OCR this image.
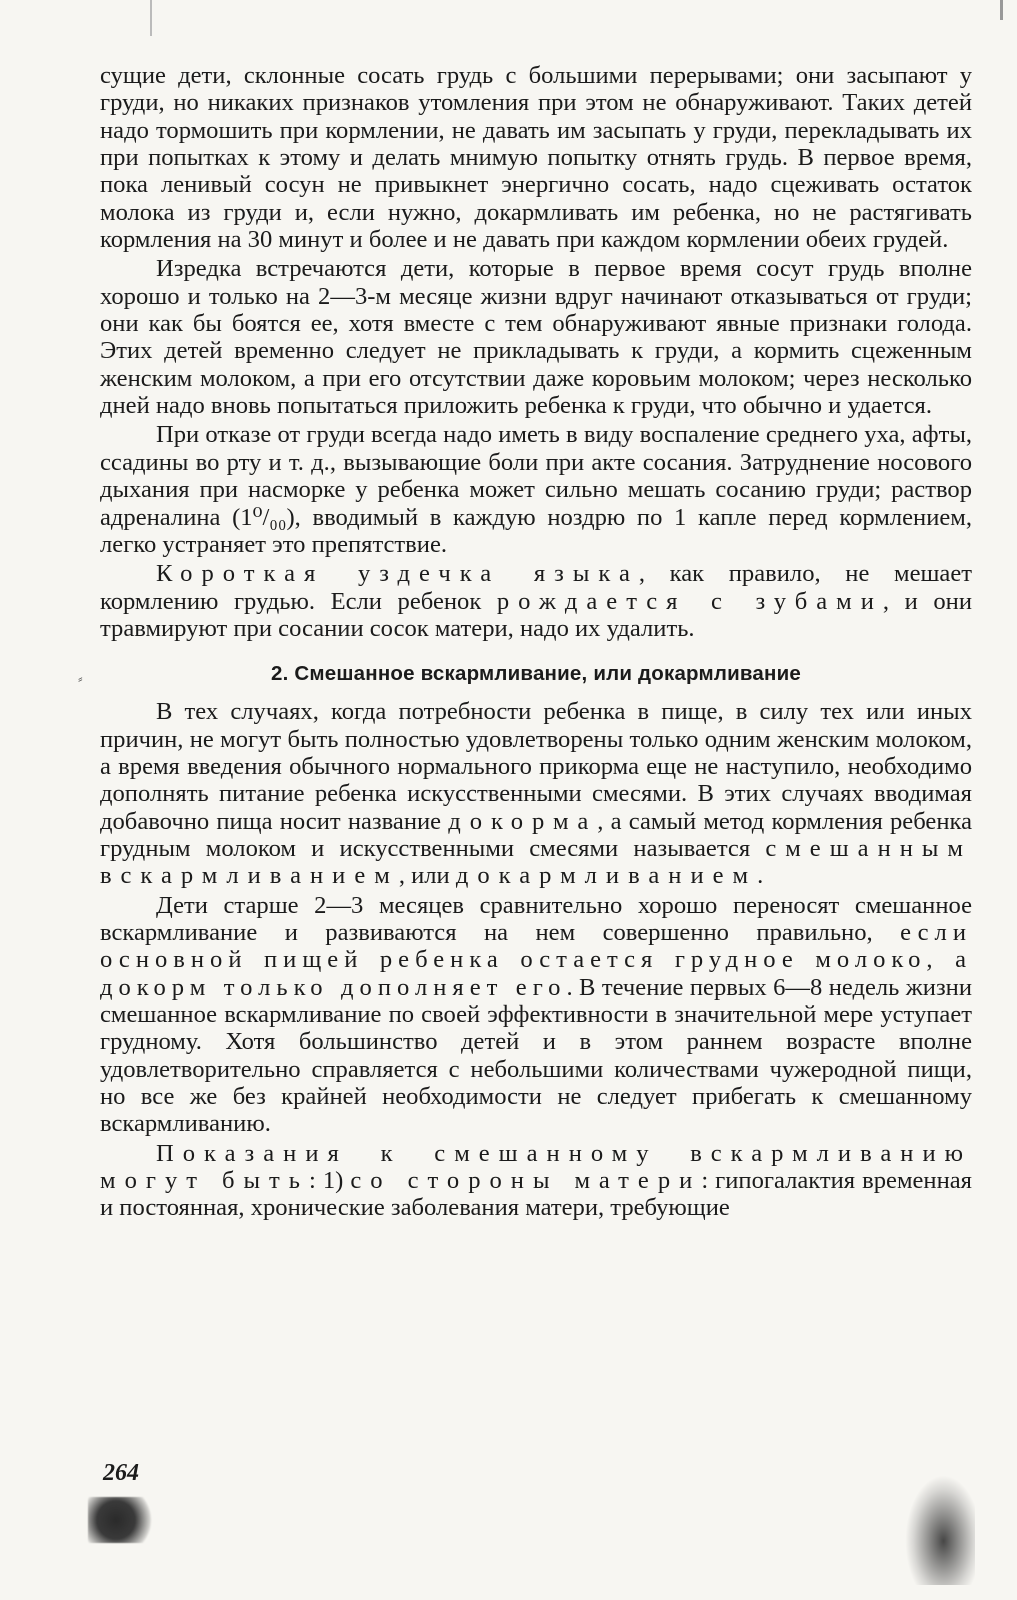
сущие дети, склонные сосать грудь с большими перерывами; они засыпают у груди, но никаких признаков утомления при этом не обнаруживают. Таких детей надо тормошить при кормлении, не давать им засыпать у груди, перекладывать их при попытках к этому и делать мнимую попытку отнять грудь. В первое время, пока ленивый сосун не привыкнет энергично сосать, надо сцеживать остаток молока из груди и, если нужно, докармливать им ребенка, но не растягивать кормления на 30 минут и более и не давать при каждом кормлении обеих грудей.

Изредка встречаются дети, которые в первое время сосут грудь вполне хорошо и только на 2—3-м месяце жизни вдруг начинают отказываться от груди; они как бы боятся ее, хотя вместе с тем обнаруживают явные признаки голода. Этих детей временно следует не прикладывать к груди, а кормить сцеженным женским молоком, а при его отсутствии даже коровьим молоком; через несколько дней надо вновь попытаться приложить ребенка к груди, что обычно и удается.

При отказе от груди всегда надо иметь в виду воспаление среднего уха, афты, ссадины во рту и т. д., вызывающие боли при акте сосания. Затруднение носового дыхания при насморке у ребенка может сильно мешать сосанию груди; раствор адреналина (1⁰/₀₀), вводимый в каждую ноздрю по 1 капле перед кормлением, легко устраняет это препятствие.

Короткая уздечка языка, как правило, не мешает кормлению грудью. Если ребенок рождается с зубами, и они травмируют при сосании сосок матери, надо их удалить.

2. Смешанное вскармливание, или докармливание

В тех случаях, когда потребности ребенка в пище, в силу тех или иных причин, не могут быть полностью удовлетворены только одним женским молоком, а время введения обычного нормального прикорма еще не наступило, необходимо дополнять питание ребенка искусственными смесями. В этих случаях вводимая добавочно пища носит название докорма, а самый метод кормления ребенка грудным молоком и искусственными смесями называется смешанным вскармливанием, или докармливанием.

Дети старше 2—3 месяцев сравнительно хорошо переносят смешанное вскармливание и развиваются на нем совершенно правильно, если основной пищей ребенка остается грудное молоко, а докорм только дополняет его. В течение первых 6—8 недель жизни смешанное вскармливание по своей эффективности в значительной мере уступает грудному. Хотя большинство детей и в этом раннем возрасте вполне удовлетворительно справляется с небольшими количествами чужеродной пищи, но все же без крайней необходимости не следует прибегать к смешанному вскармливанию.

Показания к смешанному вскармливанию могут быть: 1) со стороны матери: гипогалактия временная и постоянная, хронические заболевания матери, требующие

264
⸗
